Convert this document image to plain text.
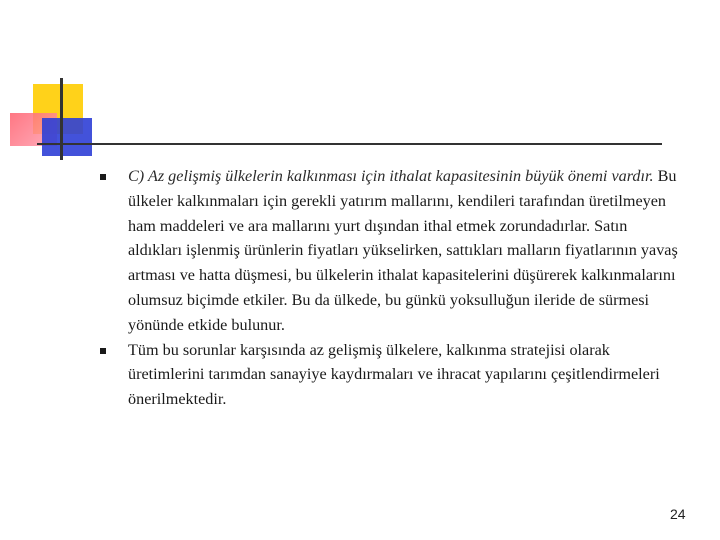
C) Az gelişmiş ülkelerin kalkınması için ithalat kapasitesinin büyük önemi vardır. Bu ülkeler kalkınmaları için gerekli yatırım mallarını, kendileri tarafından üretilmeyen ham maddeleri ve ara mallarını yurt dışından ithal etmek zorundadırlar. Satın aldıkları işlenmiş ürünlerin fiyatları yükselirken, sattıkları malların fiyatlarının yavaş artması ve hatta düşmesi, bu ülkelerin ithalat kapasitelerini düşürerek kalkınmalarını olumsuz biçimde etkiler. Bu da ülkede, bu günkü yoksulluğun ileride de sürmesi yönünde etkide bulunur.
Tüm bu sorunlar karşısında az gelişmiş ülkelere, kalkınma stratejisi olarak üretimlerini tarımdan sanayiye kaydırmaları ve ihracat yapılarını çeşitlendirmeleri önerilmektedir.
24
